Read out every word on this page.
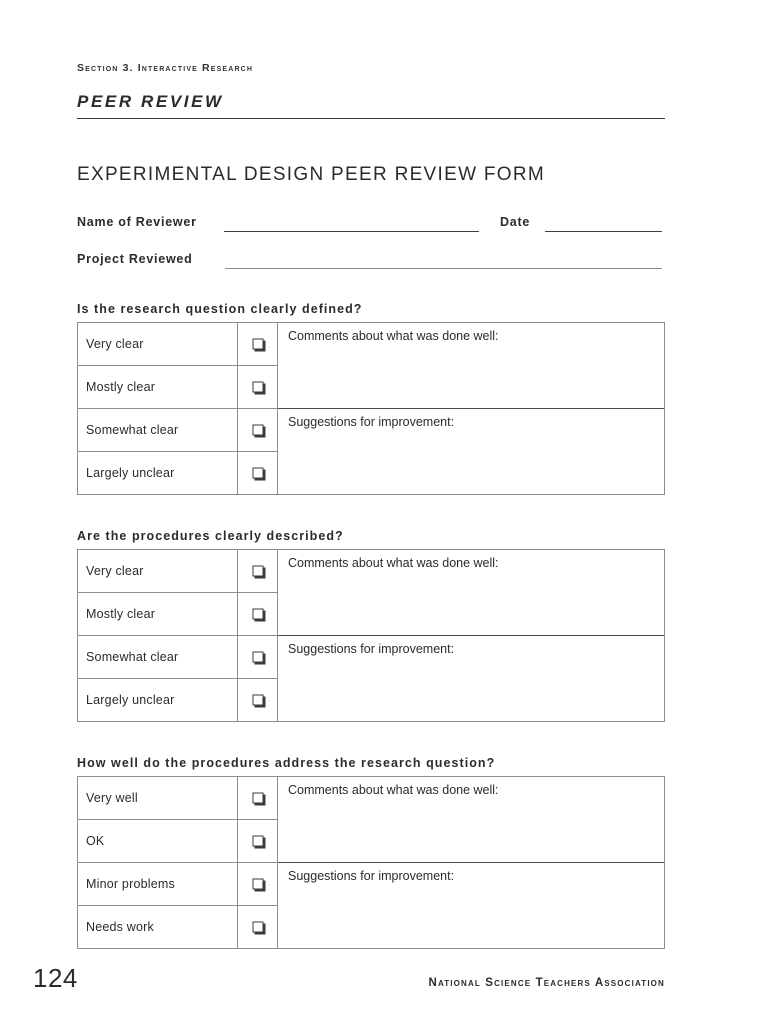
Section 3. Interactive Research
PEER REVIEW
EXPERIMENTAL DESIGN PEER REVIEW FORM
Name of Reviewer	Date
Project Reviewed
Is the research question clearly defined?
Very clear
Mostly clear
Somewhat clear
Largely unclear
Comments about what was done well:
Suggestions for improvement:
Are the procedures clearly described?
Very clear
Mostly clear
Somewhat clear
Largely unclear
Comments about what was done well:
Suggestions for improvement:
How well do the procedures address the research question?
Very well
OK
Minor problems
Needs work
Comments about what was done well:
Suggestions for improvement:
124	National Science Teachers Association
